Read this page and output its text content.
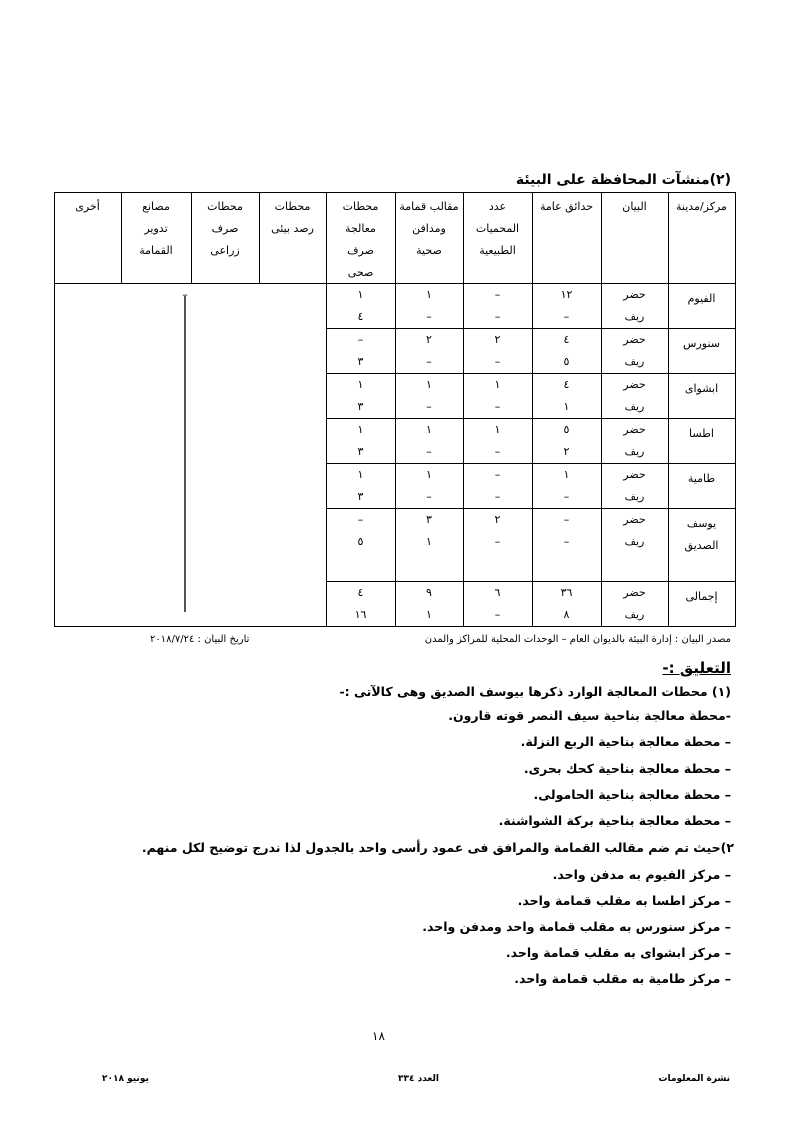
(٢)منشآت المحافظة على البيئة
مركز/مدينة
البيان
حدائق عامة
عدد
المحميات
الطبيعية
مقالب قمامة
ومدافن
صحية
محطات
معالجة
صرف
صحى
محطات
رصد بيئى
محطات
صرف
زراعى
مصانع
تدوير
القمامة
أخرى
الفيوم
حضر
١٢
–
١
١
ريف
–
–
–
٤
سنورس
حضر
٤
٢
٢
–
ريف
٥
–
–
٣
ابشواى
حضر
٤
١
١
١
ريف
١
–
–
٣
اطسا
حضر
٥
١
١
١
ريف
٢
–
–
٣
طامية
حضر
١
–
١
١
ريف
–
–
–
٣
يوسف
الصديق
حضر
–
٢
٣
–
ريف
–
–
١
٥
إجمالى
حضر
٣٦
٦
٩
٤
ريف
٨
–
١
١٦
–
مصدر البيان : إدارة البيئة بالديوان العام – الوحدات المحلية للمراكز والمدن
تاريخ البيان : ٢٠١٨/٧/٢٤
التعليق :-
(١) محطات المعالجة الوارد ذكرها بيوسف الصديق وهى كالآتى :-
-محطة معالجة بناحية سيف النصر قوته قارون.
– محطة معالجة بناحية الربع النزلة.
– محطة معالجة بناحية كحك بحرى.
– محطة معالجة بناحية الحامولى.
– محطة معالجة بناحية بركة الشواشنة.
٢)حيث تم ضم مقالب القمامة والمرافق فى عمود رأسى واحد بالجدول لذا ندرج توضيح لكل منهم.
– مركز الفيوم به مدفن واحد.
– مركز اطسا به مقلب قمامة واحد.
– مركز سنورس به مقلب قمامة واحد ومدفن واحد.
– مركز ابشواى به مقلب قمامة واحد.
– مركز طامية به مقلب قمامة واحد.
١٨
نشرة المعلومات
العدد ٣٣٤
يونيو ٢٠١٨
